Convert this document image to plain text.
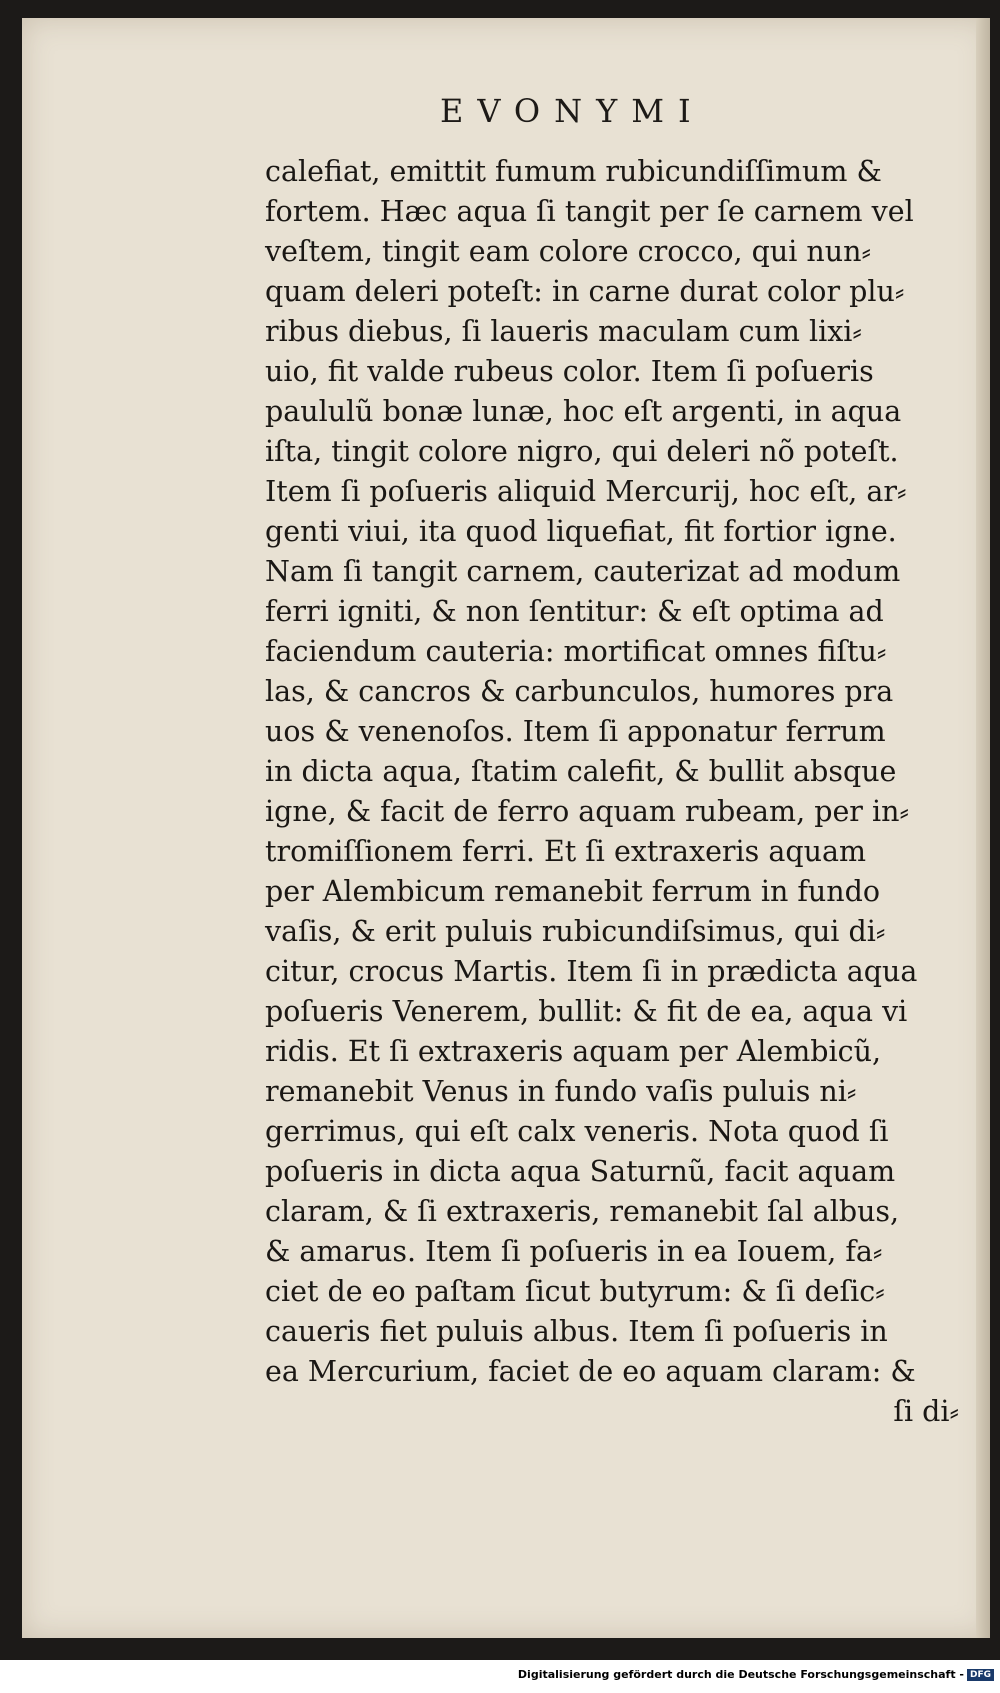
EVONYMI
calefiat, emittit fumum rubicundiſſimum &
fortem. Hæc aqua ſi tangit per ſe carnem vel
veſtem, tingit eam colore crocco, qui nun⸗
quam deleri poteſt: in carne durat color plu⸗
ribus diebus, ſi laueris maculam cum lixi⸗
uio, fit valde rubeus color. Item ſi poſueris
paululũ bonæ lunæ, hoc eſt argenti, in aqua
iſta, tingit colore nigro, qui deleri nõ poteſt.
Item ſi poſueris aliquid Mercurij, hoc eſt, ar⸗
genti viui, ita quod liquefiat, fit fortior igne.
Nam ſi tangit carnem, cauterizat ad modum
ferri igniti, & non ſentitur: & eſt optima ad
faciendum cauteria: mortificat omnes fiſtu⸗
las, & cancros & carbunculos, humores pra
uos & venenoſos. Item ſi apponatur ferrum
in dicta aqua, ſtatim calefit, & bullit absque
igne, & facit de ferro aquam rubeam, per in⸗
tromiſſionem ferri. Et ſi extraxeris aquam
per Alembicum remanebit ferrum in fundo
vaſis, & erit puluis rubicundiſsimus, qui di⸗
citur, crocus Martis. Item ſi in prædicta aqua
poſueris Venerem, bullit: & fit de ea, aqua vi
ridis. Et ſi extraxeris aquam per Alembicũ,
remanebit Venus in fundo vaſis puluis ni⸗
gerrimus, qui eſt calx veneris. Nota quod ſi
poſueris in dicta aqua Saturnũ, facit aquam
claram, & ſi extraxeris, remanebit ſal albus,
& amarus. Item ſi poſueris in ea Iouem, fa⸗
ciet de eo paſtam ſicut butyrum: & ſi deſic⸗
caueris fiet puluis albus. Item ſi poſueris in
ea Mercurium, faciet de eo aquam claram: &
ſi di⸗
Digitalisierung gefördert durch die Deutsche Forschungsgemeinschaft - DFG
